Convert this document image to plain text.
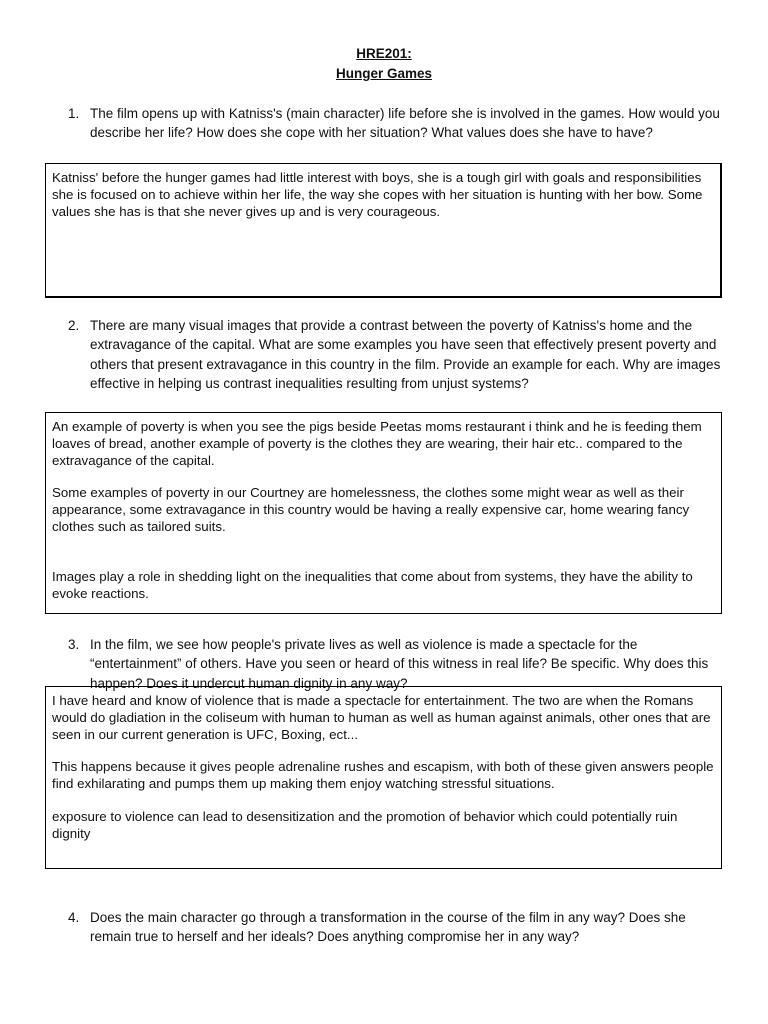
HRE201:
Hunger Games
1. The film opens up with Katniss's (main character) life before she is involved in the games. How would you describe her life? How does she cope with her situation? What values does she have to have?

Katniss' before the hunger games had little interest with boys, she is a tough girl with goals and responsibilities she is focused on to achieve within her life, the way she copes with her situation is hunting with her bow. Some values she has is that she never gives up and is very courageous.

2. There are many visual images that provide a contrast between the poverty of Katniss's home and the extravagance of the capital. What are some examples you have seen that effectively present poverty and others that present extravagance in this country in the film. Provide an example for each. Why are images effective in helping us contrast inequalities resulting from unjust systems?

An example of poverty is when you see the pigs beside Peetas moms restaurant i think and he is feeding them loaves of bread, another example of poverty is the clothes they are wearing, their hair etc.. compared to the extravagance of the capital.

Some examples of poverty in our Courtney are homelessness, the clothes some might wear as well as their appearance, some extravagance in this country would be having a really expensive car, home wearing fancy clothes such as tailored suits.

Images play a role in shedding light on the inequalities that come about from systems, they have the ability to evoke reactions.

3. In the film, we see how people's private lives as well as violence is made a spectacle for the “entertainment” of others. Have you seen or heard of this witness in real life? Be specific. Why does this happen? Does it undercut human dignity in any way?

I have heard and know of violence that is made a spectacle for entertainment. The two are when the Romans would do gladiation in the coliseum with human to human as well as human against animals, other ones that are seen in our current generation is UFC, Boxing, ect...

This happens because it gives people adrenaline rushes and escapism, with both of these given answers people find exhilarating and pumps them up making them enjoy watching stressful situations.

exposure to violence can lead to desensitization and the promotion of behavior which could potentially ruin dignity

4. Does the main character go through a transformation in the course of the film in any way? Does she remain true to herself and her ideals? Does anything compromise her in any way?
